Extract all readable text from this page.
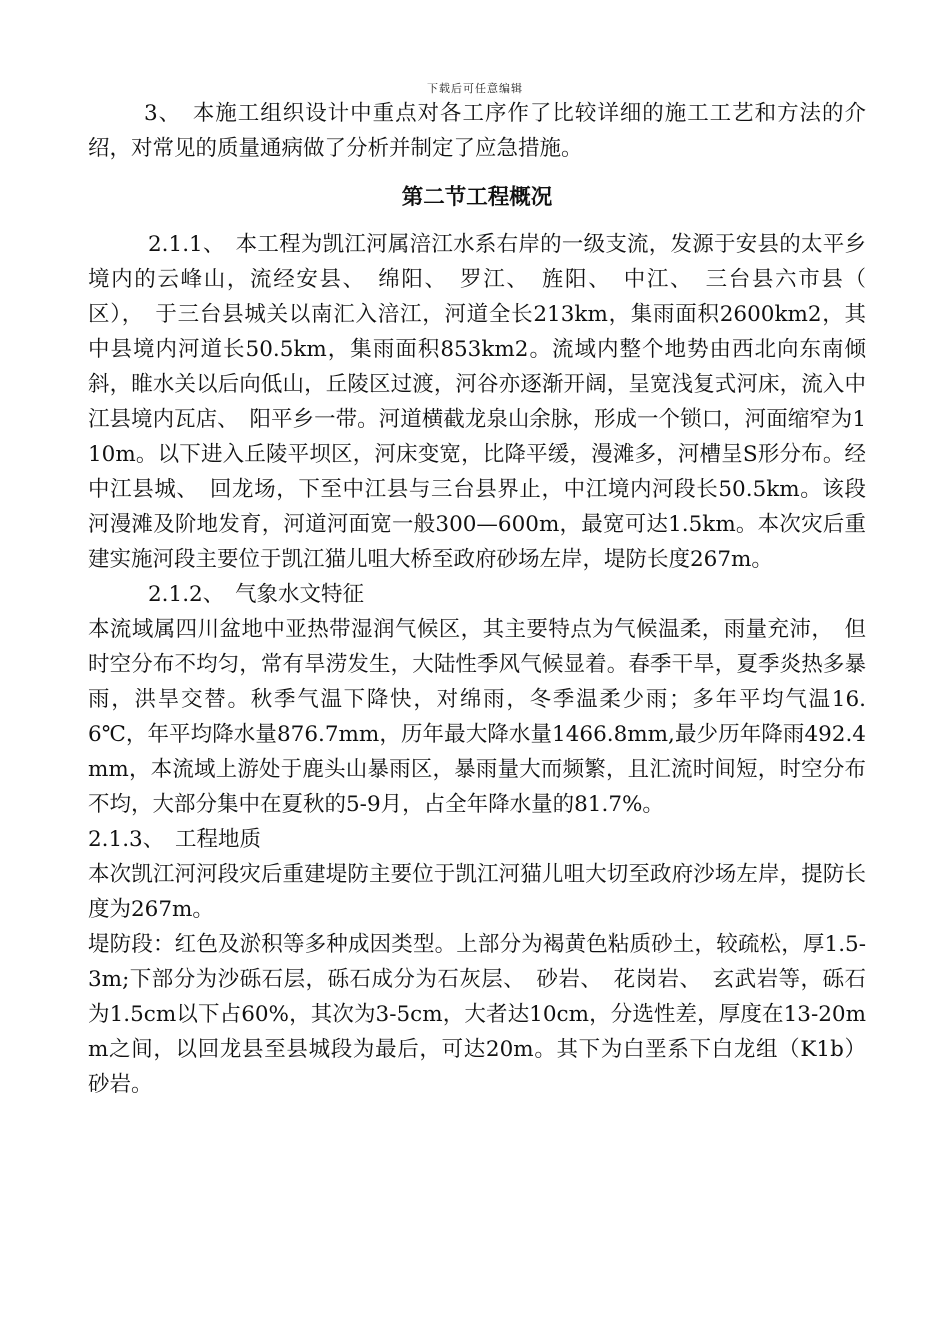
下载后可任意编辑

3、　本施工组织设计中重点对各工序作了比较详细的施工工艺和方法的介绍，对常见的质量通病做了分析并制定了应急措施。

第二节工程概况

2.1.1、　本工程为凯江河属涪江水系右岸的一级支流，发源于安县的太平乡境内的云峰山，流经安县、　绵阳、　罗江、　旌阳、　中江、　三台县六市县（　区），　于三台县城关以南汇入涪江，河道全长213km，集雨面积2600km2，其中县境内河道长50.5km，集雨面积853km2。流域内整个地势由西北向东南倾斜，睢水关以后向低山，丘陵区过渡，河谷亦逐渐开阔，呈宽浅复式河床，流入中江县境内瓦店、　阳平乡一带。河道横截龙泉山余脉，形成一个锁口，河面缩窄为110m。以下进入丘陵平坝区，河床变宽，比降平缓，漫滩多，河槽呈S形分布。经中江县城、　回龙场，下至中江县与三台县界止，中江境内河段长50.5km。该段河漫滩及阶地发育，河道河面宽一般300—600m，最宽可达1.5km。本次灾后重建实施河段主要位于凯江猫儿咀大桥至政府砂场左岸，堤防长度267m。

2.1.2、　气象水文特征

本流域属四川盆地中亚热带湿润气候区，其主要特点为气候温柔，雨量充沛，　但时空分布不均匀，常有旱涝发生，大陆性季风气候显着。春季干旱，夏季炎热多暴雨，洪旱交替。秋季气温下降快，对绵雨，冬季温柔少雨；多年平均气温16.6℃，年平均降水量876.7mm，历年最大降水量1466.8mm,最少历年降雨492.4mm，本流域上游处于鹿头山暴雨区，暴雨量大而频繁，且汇流时间短，时空分布不均，大部分集中在夏秋的5-9月，占全年降水量的81.7%。

2.1.3、　工程地质

本次凯江河河段灾后重建堤防主要位于凯江河猫儿咀大切至政府沙场左岸，提防长度为267m。

堤防段：红色及淤积等多种成因类型。上部分为褐黄色粘质砂土，较疏松，厚1.5-3m;下部分为沙砾石层，砾石成分为石灰层、　砂岩、　花岗岩、　玄武岩等，砾石为1.5cm以下占60%，其次为3-5cm，大者达10cm，分选性差，厚度在13-20mm之间，以回龙县至县城段为最后，可达20m。其下为白垩系下白龙组（K1b）砂岩。
